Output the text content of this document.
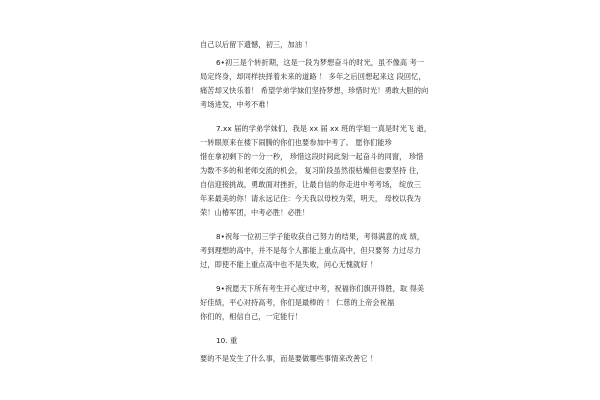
自己以后留下遗憾，初三，加油 ！
6•初三是个转折期，这是一段为梦想奋斗的时光，虽不像高 考一
局定终身，却同样抉择着未来的道路 ！ 多年之后回想起来这 段回忆，
痛苦却又快乐着！ 希望学弟学妹们坚持梦想，珍惜时光！勇敢大胆的向
考场进发，中考不难！
7.xx 届的学弟学妹们，我是 xx 届 xx 班的学姐一真是时光飞 逝，
一转眼原来在楼下闹腾的你们也要参加中考了。 愿你们能珍
惜在拿初剩下的一分一秒， 珍惜这段时间此刻一起奋斗的同窗， 珍惜
为数不多的和老师交流的机会， 复习阶段虽然很枯燥但也要坚持 住，
自信迎接挑战，勇敢面对挫折，让最自信的你走进中考考场， 绽放三
年来最美的你！请永远记住：今天我以母校为荣，明天， 母校以我为
荣！山椿军团，中考必胜！必胜！
8•祝每一位初三学子能收获自己努力的结果，考得满意的成 绩，
考到理想的高中，并不是每个人都能上重点高中，但只要努 力过尽力
过，即使不能上重点高中也不是失败，问心无愧就好 ！
9•祝愿天下所有考生开心度过中考，祝福你们旗开得胜，取 得美
好佳绩，平心对持高考，你们是最棒的 ！ 仁慈的上帝会祝福
你们的，相信自己，一定能行！
10. 重
要的不是发生了什么事，而是要做哪些事情来改善它 ！
